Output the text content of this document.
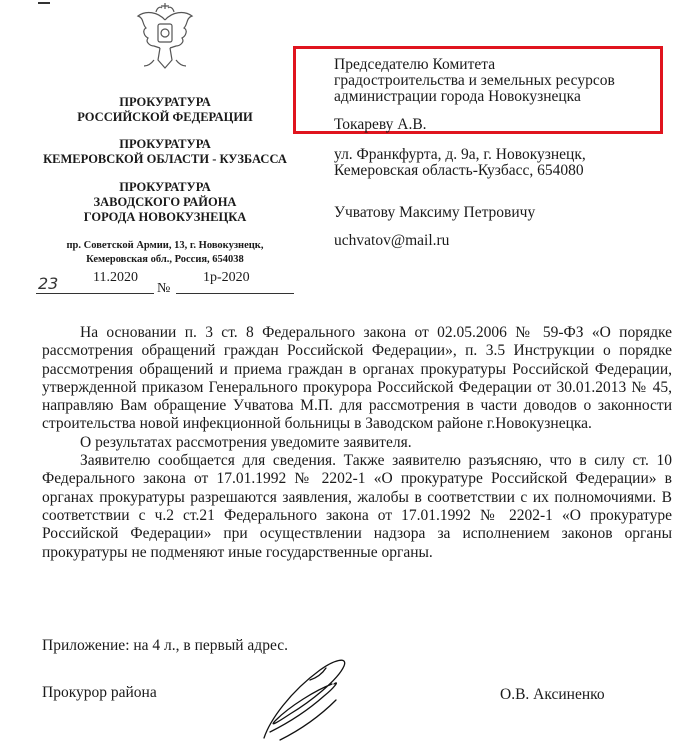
ПРОКУРАТУРА
РОССИЙСКОЙ ФЕДЕРАЦИИ
ПРОКУРАТУРА
КЕМЕРОВСКОЙ ОБЛАСТИ - КУЗБАССА
ПРОКУРАТУРА
ЗАВОДСКОГО РАЙОНА
ГОРОДА НОВОКУЗНЕЦКА
пр. Советской Армии, 13, г. Новокузнецк,
Кемеровская обл., Россия, 654038
23 11.2020
№
1р-2020
Председателю Комитета
градостроительства и земельных ресурсов
администрации города Новокузнецка
Токареву А.В.
ул. Франкфурта, д. 9а, г. Новокузнецк,
Кемеровская область-Кузбасс, 654080
Учватову Максиму Петровичу
uchvatov@mail.ru

На основании п. 3 ст. 8 Федерального закона от 02.05.2006 № 59-ФЗ «О порядке рассмотрения обращений граждан Российской Федерации», п. 3.5 Инструкции о порядке рассмотрения обращений и приема граждан в органах прокуратуры Российской Федерации, утвержденной приказом Генерального прокурора Российской Федерации от 30.01.2013 № 45, направляю Вам обращение Учватова М.П. для рассмотрения в части доводов о законности строительства новой инфекционной больницы в Заводском районе г.Новокузнецка.

О результатах рассмотрения уведомите заявителя.

Заявителю сообщается для сведения. Также заявителю разъясняю, что в силу ст. 10 Федерального закона от 17.01.1992 № 2202-1 «О прокуратуре Российской Федерации» в органах прокуратуры разрешаются заявления, жалобы в соответствии с их полномочиями. В соответствии с ч.2 ст.21 Федерального закона от 17.01.1992 № 2202-1 «О прокуратуре Российской Федерации» при осуществлении надзора за исполнением законов органы прокуратуры не подменяют иные государственные органы.

Приложение: на 4 л., в первый адрес.
Прокурор района	О.В. Аксиненко
